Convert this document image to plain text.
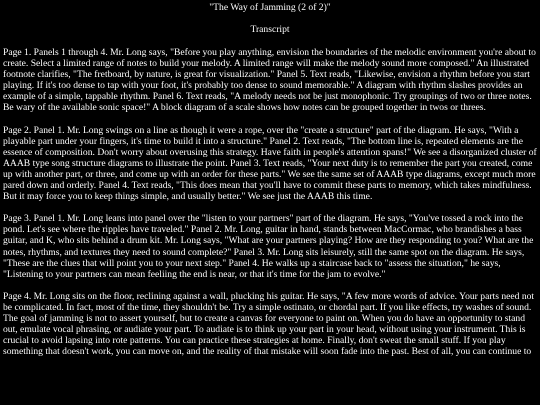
"The Way of Jamming (2 of 2)"
Transcript

Page 1. Panels 1 through 4. Mr. Long says, "Before you play anything, envision the boundaries of the melodic environment you're about to create. Select a limited range of notes to build your melody. A limited range will make the melody sound more composed." An illustrated footnote clarifies, "The fretboard, by nature, is great for visualization." Panel 5. Text reads, "Likewise, envision a rhythm before you start playing. If it's too dense to tap with your foot, it's probably too dense to sound memorable." A diagram with rhythm slashes provides an example of a simple, tappable rhythm. Panel 6. Text reads, "A melody needs not be just monophonic. Try groupings of two or three notes. Be wary of the available sonic space!" A block diagram of a scale shows how notes can be grouped together in twos or threes.

Page 2. Panel 1. Mr. Long swings on a line as though it were a rope, over the "create a structure" part of the diagram. He says, "With a playable part under your fingers, it's time to build it into a structure." Panel 2. Text reads, "The bottom line is, repeated elements are the essence of composition. Don't worry about overusing this strategy. Have faith in people's attention spans!" We see a disorganized cluster of AAAB type song structure diagrams to illustrate the point. Panel 3. Text reads, "Your next duty is to remember the part you created, come up with another part, or three, and come up with an order for these parts." We see the same set of AAAB type diagrams, except much more pared down and orderly. Panel 4. Text reads, "This does mean that you'll have to commit these parts to memory, which takes mindfulness. But it may force you to keep things simple, and usually better." We see just the AAAB this time.

Page 3. Panel 1. Mr. Long leans into panel over the "listen to your partners" part of the diagram. He says, "You've tossed a rock into the pond. Let's see where the ripples have traveled." Panel 2. Mr. Long, guitar in hand, stands between MacCormac, who brandishes a bass guitar, and K, who sits behind a drum kit. Mr. Long says, "What are your partners playing? How are they responding to you? What are the notes, rhythms, and textures they need to sound complete?" Panel 3. Mr. Long sits leisurely, still the same spot on the diagram. He says, "These are the clues that will point you to your next step." Panel 4. He walks up a staircase back to "assess the situation," he says, "Listening to your partners can mean feeliing the end is near, or that it's time for the jam to evolve."

Page 4. Mr. Long sits on the floor, reclining against a wall, plucking his guitar. He says, "A few more words of advice. Your parts need not be complicated. In fact, most of the time, they shouldn't be. Try a simple ostinato, or chordal part. If you like effects, try washes of sound. The goal of jamming is not to assert yourself, but to create a canvas for everyone to paint on. When you do have an opportunity to stand out, emulate vocal phrasing, or audiate your part. To audiate is to think up your part in your head, without using your instrument. This is crucial to avoid lapsing into rote patterns. You can practice these strategies at home. Finally, don't sweat the small stuff. If you play something that doesn't work, you can move on, and the reality of that mistake will soon fade into the past. Best of all, you can continue to
